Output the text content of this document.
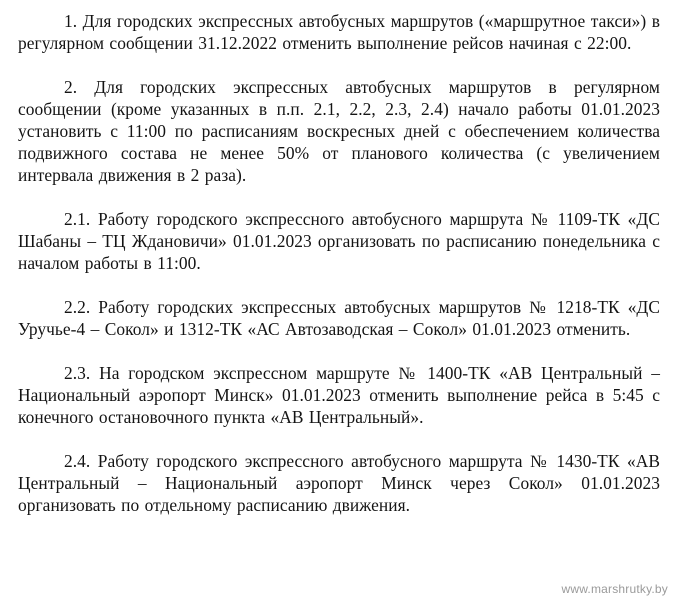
1. Для городских экспрессных автобусных маршрутов («маршрутное такси») в регулярном сообщении 31.12.2022 отменить выполнение рейсов начиная с 22:00.

2. Для городских экспрессных автобусных маршрутов в регулярном сообщении (кроме указанных в п.п. 2.1, 2.2, 2.3, 2.4) начало работы 01.01.2023 установить с 11:00 по расписаниям воскресных дней с обеспечением количества подвижного состава не менее 50% от планового количества (с увеличением интервала движения в 2 раза).

2.1. Работу городского экспрессного автобусного маршрута № 1109-ТК «ДС Шабаны – ТЦ Ждановичи» 01.01.2023 организовать по расписанию понедельника с началом работы в 11:00.

2.2. Работу городских экспрессных автобусных маршрутов № 1218-ТК «ДС Уручье-4 – Сокол» и 1312-ТК «АС Автозаводская – Сокол» 01.01.2023 отменить.

2.3. На городском экспрессном маршруте № 1400-ТК «АВ Центральный – Национальный аэропорт Минск» 01.01.2023 отменить выполнение рейса в 5:45 с конечного остановочного пункта «АВ Центральный».

2.4. Работу городского экспрессного автобусного маршрута № 1430-ТК «АВ Центральный – Национальный аэропорт Минск через Сокол» 01.01.2023 организовать по отдельному расписанию движения.

www.marshrutky.by
